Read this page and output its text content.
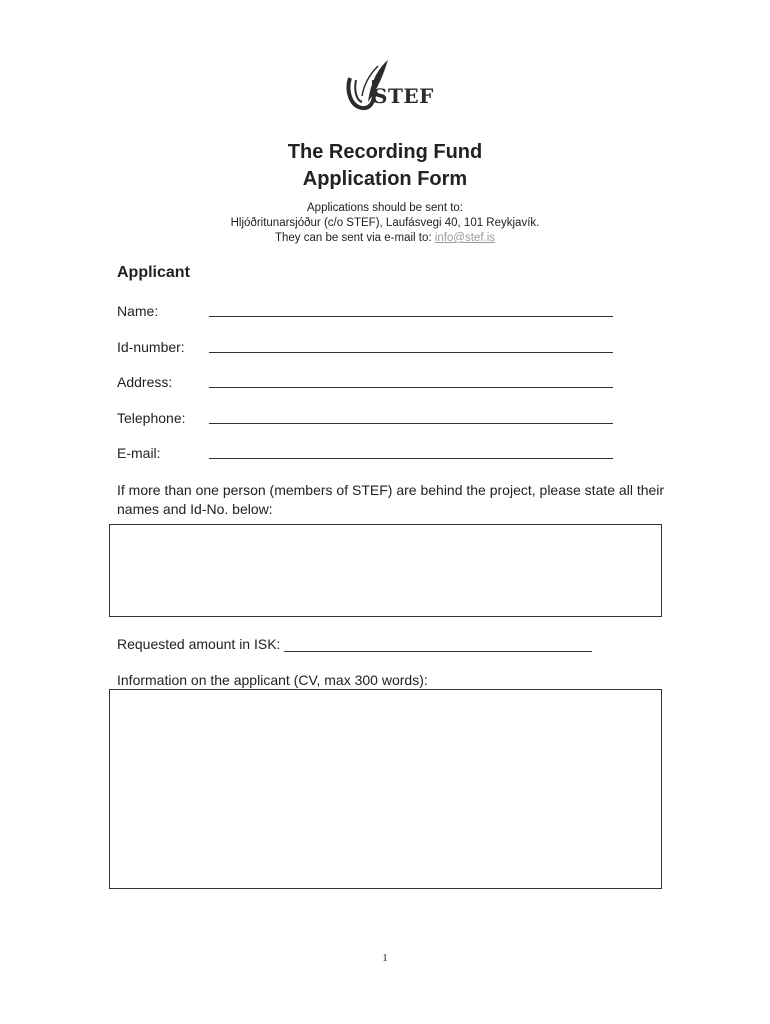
STEF
The Recording Fund
Application Form
Applications should be sent to:
Hljóðritunarsjóður (c/o STEF), Laufásvegi 40, 101 Reykjavík.
They can be sent via e-mail to: info@stef.is
Applicant
Name:
Id-number:
Address:
Telephone:
E-mail:
If more than one person (members of STEF) are behind the project, please state all their names and Id-No. below:
Requested amount in ISK:
Information on the applicant (CV, max 300 words):
1
